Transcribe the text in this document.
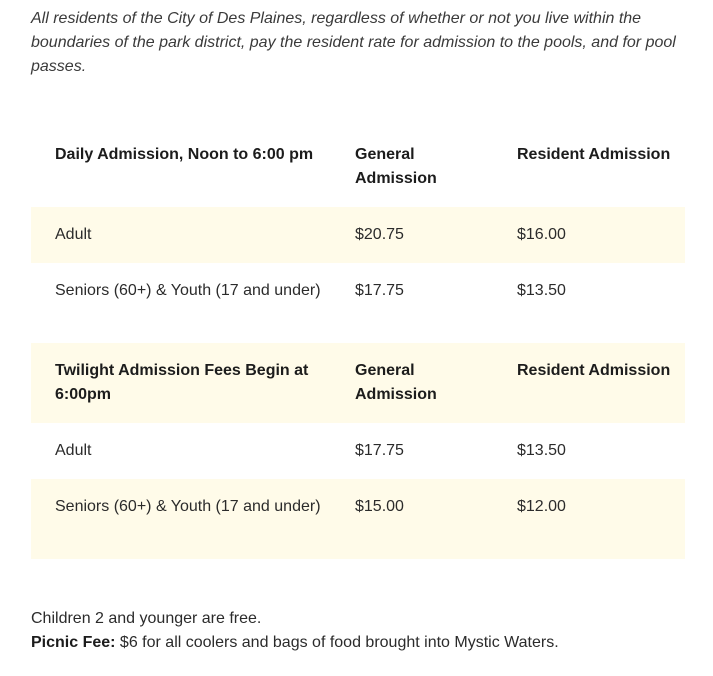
All residents of the City of Des Plaines, regardless of whether or not you live within the boundaries of the park district, pay the resident rate for admission to the pools, and for pool passes.

Daily Admission, Noon to 6:00 pm	General Admission	Resident Admission
Adult	$20.75	$16.00
Seniors (60+) & Youth (17 and under)	$17.75	$13.50
Twilight Admission Fees Begin at 6:00pm	General Admission	Resident Admission
Adult	$17.75	$13.50
Seniors (60+) & Youth (17 and under)	$15.00	$12.00

Children 2 and younger are free.

Picnic Fee: $6 for all coolers and bags of food brought into Mystic Waters.
